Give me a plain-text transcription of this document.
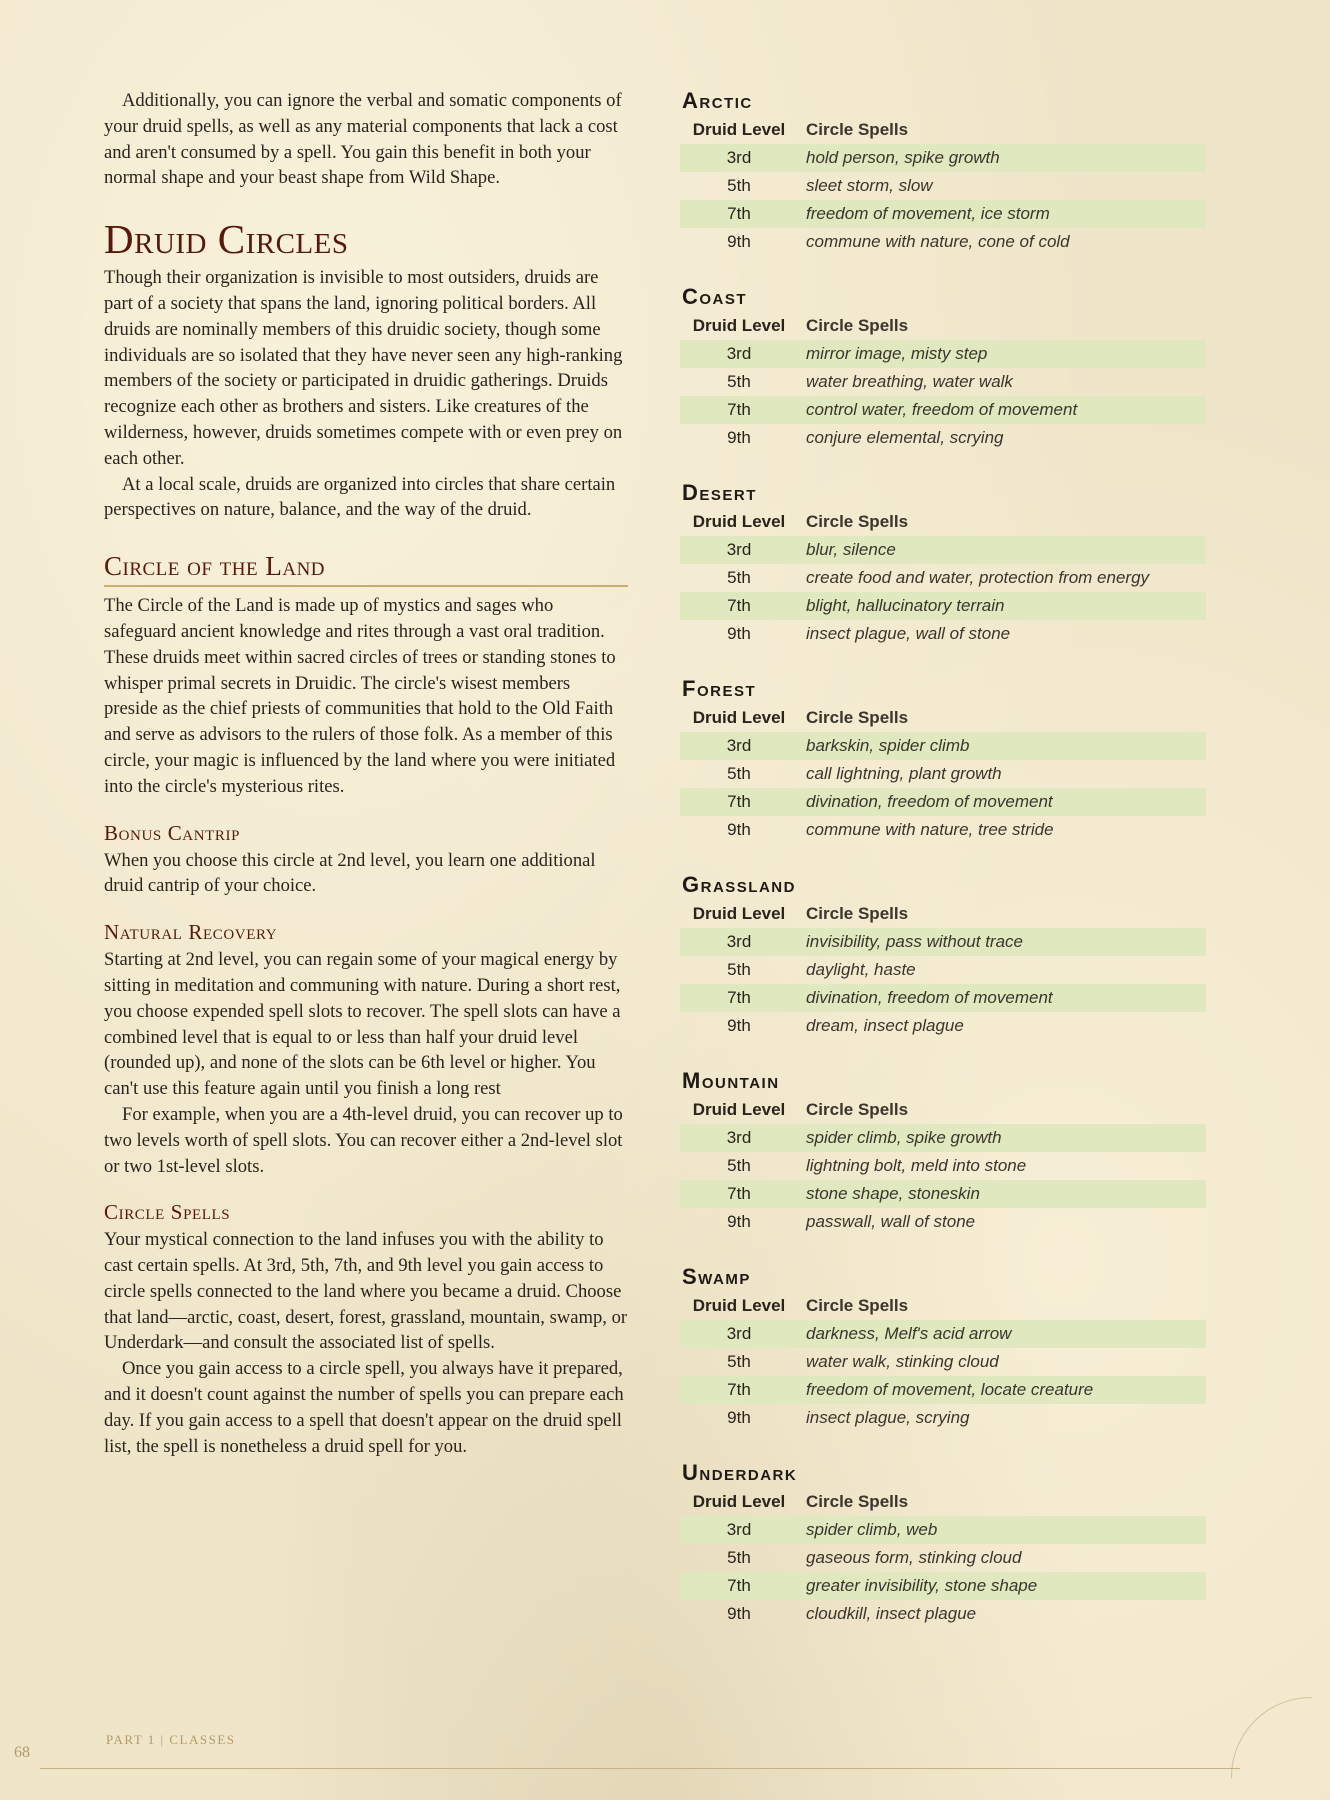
Additionally, you can ignore the verbal and somatic components of your druid spells, as well as any material components that lack a cost and aren't consumed by a spell. You gain this benefit in both your normal shape and your beast shape from Wild Shape.

Druid Circles

Though their organization is invisible to most outsiders, druids are part of a society that spans the land, ignoring political borders. All druids are nominally members of this druidic society, though some individuals are so isolated that they have never seen any high-ranking members of the society or participated in druidic gatherings. Druids recognize each other as brothers and sisters. Like creatures of the wilderness, however, druids sometimes compete with or even prey on each other.

At a local scale, druids are organized into circles that share certain perspectives on nature, balance, and the way of the druid.

Circle of the Land

The Circle of the Land is made up of mystics and sages who safeguard ancient knowledge and rites through a vast oral tradition. These druids meet within sacred circles of trees or standing stones to whisper primal secrets in Druidic. The circle's wisest members preside as the chief priests of communities that hold to the Old Faith and serve as advisors to the rulers of those folk. As a member of this circle, your magic is influenced by the land where you were initiated into the circle's mysterious rites.

Bonus Cantrip

When you choose this circle at 2nd level, you learn one additional druid cantrip of your choice.

Natural Recovery

Starting at 2nd level, you can regain some of your magical energy by sitting in meditation and communing with nature. During a short rest, you choose expended spell slots to recover. The spell slots can have a combined level that is equal to or less than half your druid level (rounded up), and none of the slots can be 6th level or higher. You can't use this feature again until you finish a long rest

For example, when you are a 4th-level druid, you can recover up to two levels worth of spell slots. You can recover either a 2nd-level slot or two 1st-level slots.

Circle Spells

Your mystical connection to the land infuses you with the ability to cast certain spells. At 3rd, 5th, 7th, and 9th level you gain access to circle spells connected to the land where you became a druid. Choose that land—arctic, coast, desert, forest, grassland, mountain, swamp, or Underdark—and consult the associated list of spells.

Once you gain access to a circle spell, you always have it prepared, and it doesn't count against the number of spells you can prepare each day. If you gain access to a spell that doesn't appear on the druid spell list, the spell is nonetheless a druid spell for you.

Arctic
Druid Level	Circle Spells
3rd	hold person, spike growth
5th	sleet storm, slow
7th	freedom of movement, ice storm
9th	commune with nature, cone of cold
Coast
Druid Level	Circle Spells
3rd	mirror image, misty step
5th	water breathing, water walk
7th	control water, freedom of movement
9th	conjure elemental, scrying
Desert
Druid Level	Circle Spells
3rd	blur, silence
5th	create food and water, protection from energy
7th	blight, hallucinatory terrain
9th	insect plague, wall of stone
Forest
Druid Level	Circle Spells
3rd	barkskin, spider climb
5th	call lightning, plant growth
7th	divination, freedom of movement
9th	commune with nature, tree stride
Grassland
Druid Level	Circle Spells
3rd	invisibility, pass without trace
5th	daylight, haste
7th	divination, freedom of movement
9th	dream, insect plague
Mountain
Druid Level	Circle Spells
3rd	spider climb, spike growth
5th	lightning bolt, meld into stone
7th	stone shape, stoneskin
9th	passwall, wall of stone
Swamp
Druid Level	Circle Spells
3rd	darkness, Melf's acid arrow
5th	water walk, stinking cloud
7th	freedom of movement, locate creature
9th	insect plague, scrying
Underdark
Druid Level	Circle Spells
3rd	spider climb, web
5th	gaseous form, stinking cloud
7th	greater invisibility, stone shape
9th	cloudkill, insect plague
PART 1 | CLASSES
68
